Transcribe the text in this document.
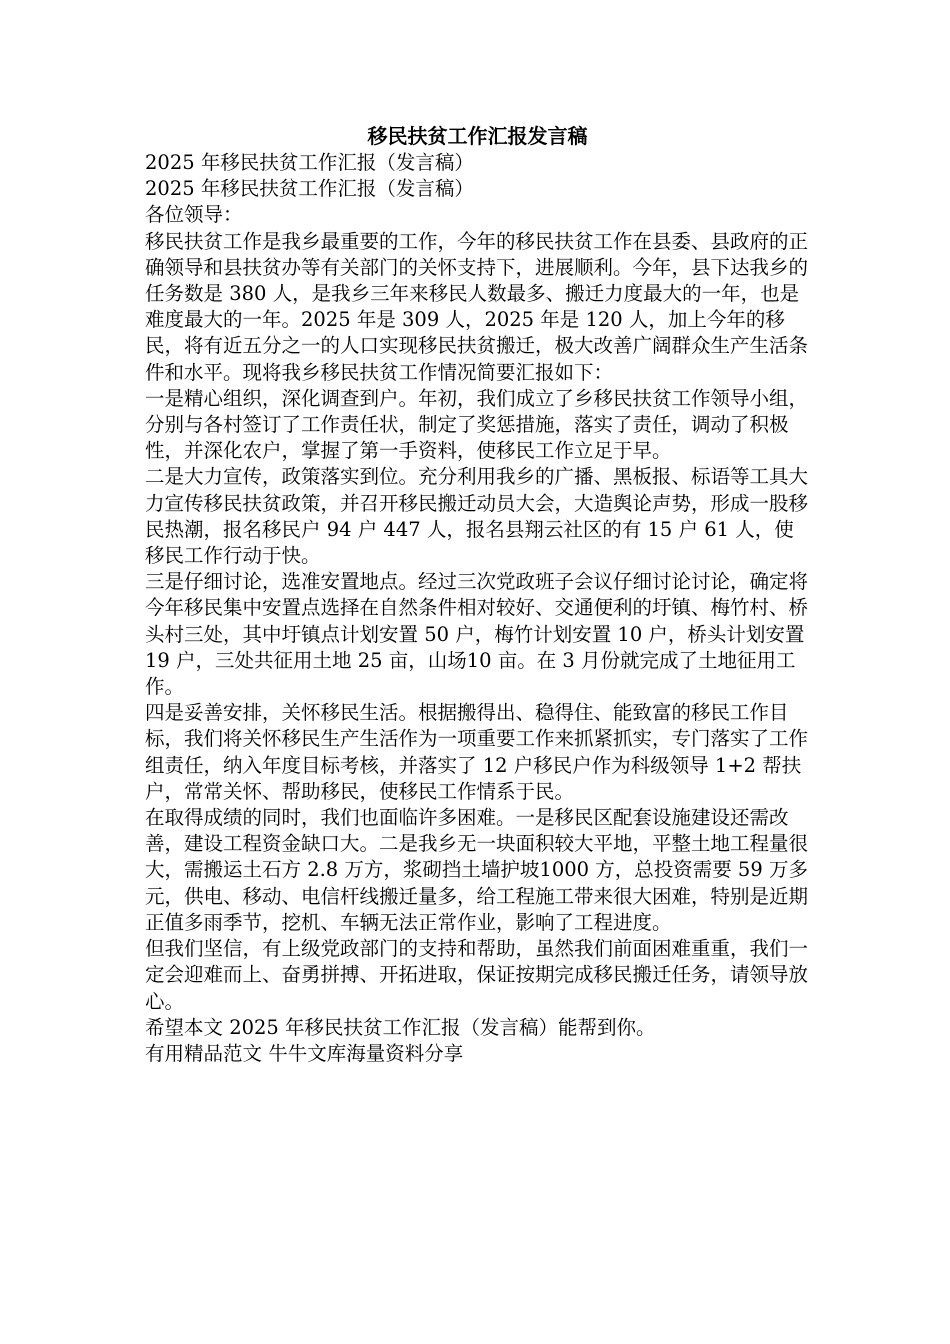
移民扶贫工作汇报发言稿

2025 年移民扶贫工作汇报（发言稿）

2025 年移民扶贫工作汇报（发言稿）

各位领导：

移民扶贫工作是我乡最重要的工作，今年的移民扶贫工作在县委、县政府的正确领导和县扶贫办等有关部门的关怀支持下，进展顺利。今年，县下达我乡的任务数是 380 人，是我乡三年来移民人数最多、搬迁力度最大的一年，也是难度最大的一年。2025 年是 309 人，2025 年是 120 人，加上今年的移民，将有近五分之一的人口实现移民扶贫搬迁，极大改善广阔群众生产生活条件和水平。现将我乡移民扶贫工作情况简要汇报如下：

一是精心组织，深化调查到户。年初，我们成立了乡移民扶贫工作领导小组，分别与各村签订了工作责任状，制定了奖惩措施，落实了责任，调动了积极性，并深化农户，掌握了第一手资料，使移民工作立足于早。

二是大力宣传，政策落实到位。充分利用我乡的广播、黑板报、标语等工具大力宣传移民扶贫政策，并召开移民搬迁动员大会，大造舆论声势，形成一股移民热潮，报名移民户 94 户 447 人，报名县翔云社区的有 15 户 61 人，使移民工作行动于快。

三是仔细讨论，选准安置地点。经过三次党政班子会议仔细讨论讨论，确定将今年移民集中安置点选择在自然条件相对较好、交通便利的圩镇、梅竹村、桥头村三处，其中圩镇点计划安置 50 户，梅竹计划安置 10 户，桥头计划安置 19 户，三处共征用土地 25 亩，山场10 亩。在 3 月份就完成了土地征用工作。

四是妥善安排，关怀移民生活。根据搬得出、稳得住、能致富的移民工作目标，我们将关怀移民生产生活作为一项重要工作来抓紧抓实，专门落实了工作组责任，纳入年度目标考核，并落实了 12 户移民户作为科级领导 1+2 帮扶户，常常关怀、帮助移民，使移民工作情系于民。

在取得成绩的同时，我们也面临许多困难。一是移民区配套设施建设还需改善，建设工程资金缺口大。二是我乡无一块面积较大平地，平整土地工程量很大，需搬运土石方 2.8 万方，浆砌挡土墙护坡1000 方，总投资需要 59 万多元，供电、移动、电信杆线搬迁量多，给工程施工带来很大困难，特别是近期正值多雨季节，挖机、车辆无法正常作业，影响了工程进度。

但我们坚信，有上级党政部门的支持和帮助，虽然我们前面困难重重，我们一定会迎难而上、奋勇拼搏、开拓进取，保证按期完成移民搬迁任务，请领导放心。

希望本文 2025 年移民扶贫工作汇报（发言稿）能帮到你。

有用精品范文 牛牛文库海量资料分享
